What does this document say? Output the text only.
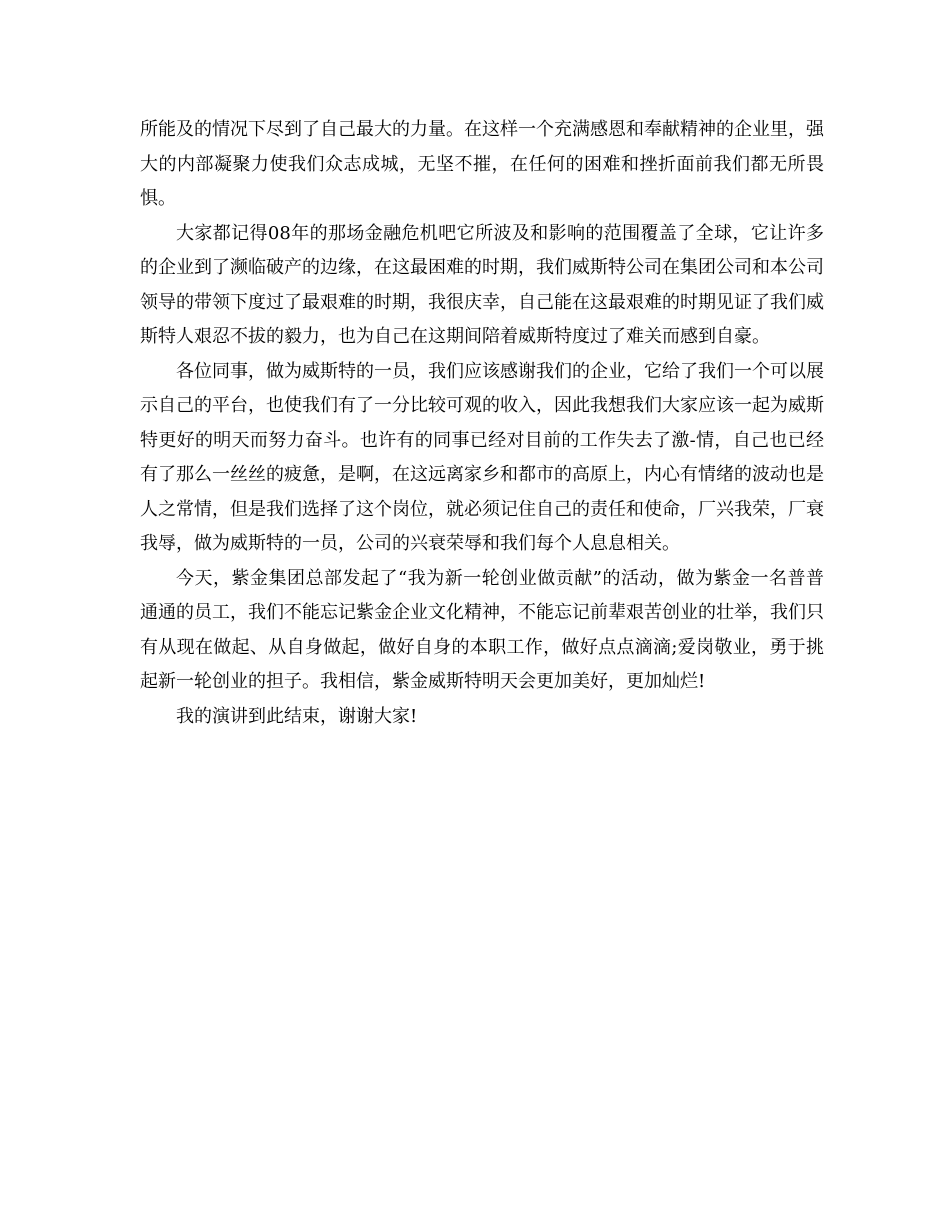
所能及的情况下尽到了自己最大的力量。在这样一个充满感恩和奉献精神的企业里，强大的内部凝聚力使我们众志成城，无坚不摧，在任何的困难和挫折面前我们都无所畏惧。

大家都记得08年的那场金融危机吧它所波及和影响的范围覆盖了全球，它让许多的企业到了濒临破产的边缘，在这最困难的时期，我们威斯特公司在集团公司和本公司领导的带领下度过了最艰难的时期，我很庆幸，自己能在这最艰难的时期见证了我们威斯特人艰忍不拔的毅力，也为自己在这期间陪着威斯特度过了难关而感到自豪。

各位同事，做为威斯特的一员，我们应该感谢我们的企业，它给了我们一个可以展示自己的平台，也使我们有了一分比较可观的收入，因此我想我们大家应该一起为威斯特更好的明天而努力奋斗。也许有的同事已经对目前的工作失去了激-情，自己也已经有了那么一丝丝的疲惫，是啊，在这远离家乡和都市的高原上，内心有情绪的波动也是人之常情，但是我们选择了这个岗位，就必须记住自己的责任和使命，厂兴我荣，厂衰我辱，做为威斯特的一员，公司的兴衰荣辱和我们每个人息息相关。

今天，紫金集团总部发起了“我为新一轮创业做贡献”的活动，做为紫金一名普普通通的员工，我们不能忘记紫金企业文化精神，不能忘记前辈艰苦创业的壮举，我们只有从现在做起、从自身做起，做好自身的本职工作，做好点点滴滴;爱岗敬业，勇于挑起新一轮创业的担子。我相信，紫金威斯特明天会更加美好，更加灿烂!

我的演讲到此结束，谢谢大家!
